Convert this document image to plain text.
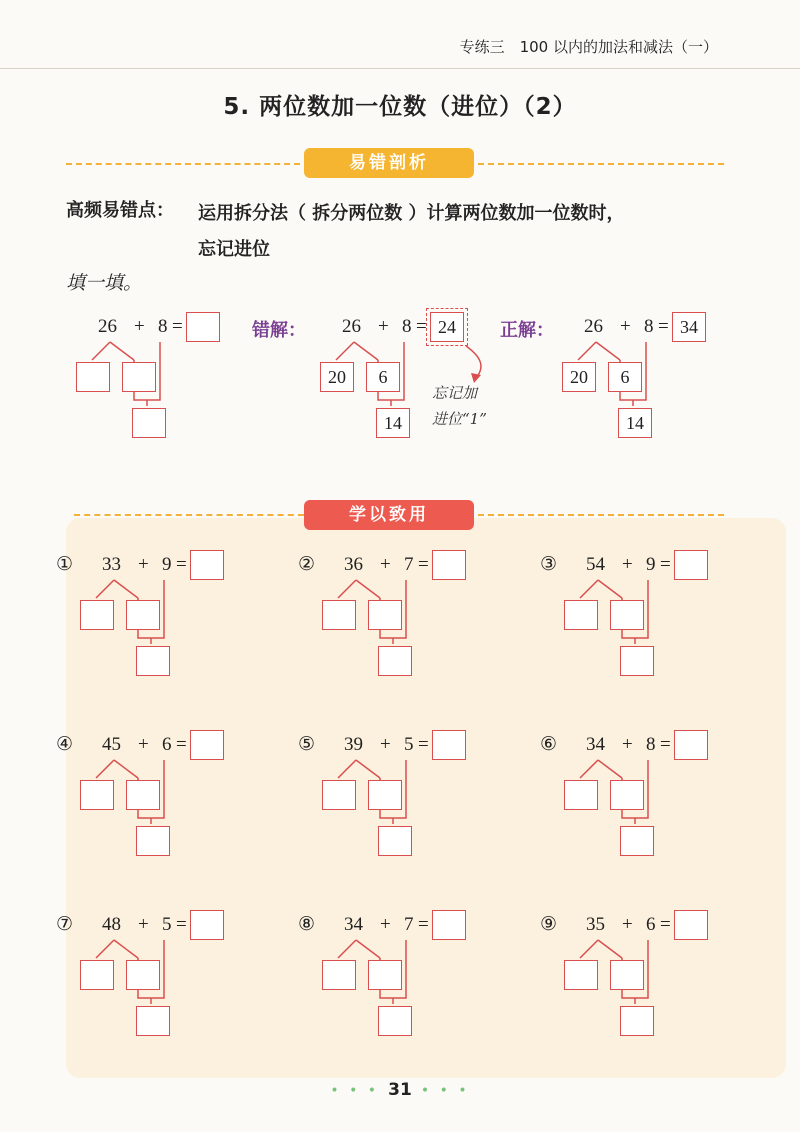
专练三　100 以内的加法和减法（一）
5. 两位数加一位数（进位）（2）
易错剖析
高频易错点： 运用拆分法（ 拆分两位数 ）计算两位数加一位数时，
忘记进位
填一填。
26 + 8 =	26 + 8 = 24
20	6
14
26 + 8 = 34
20	6
14
错解：	正解：
忘记加
进位“1”
学以致用
① 33 + 9 =	② 36 + 7 =	③ 54 + 9 =
④ 45 + 6 =	⑤ 39 + 5 =	⑥ 34 + 8 =
⑦ 48 + 5 =	⑧ 34 + 7 =	⑨ 35 + 6 =
• • • 31 • • •
